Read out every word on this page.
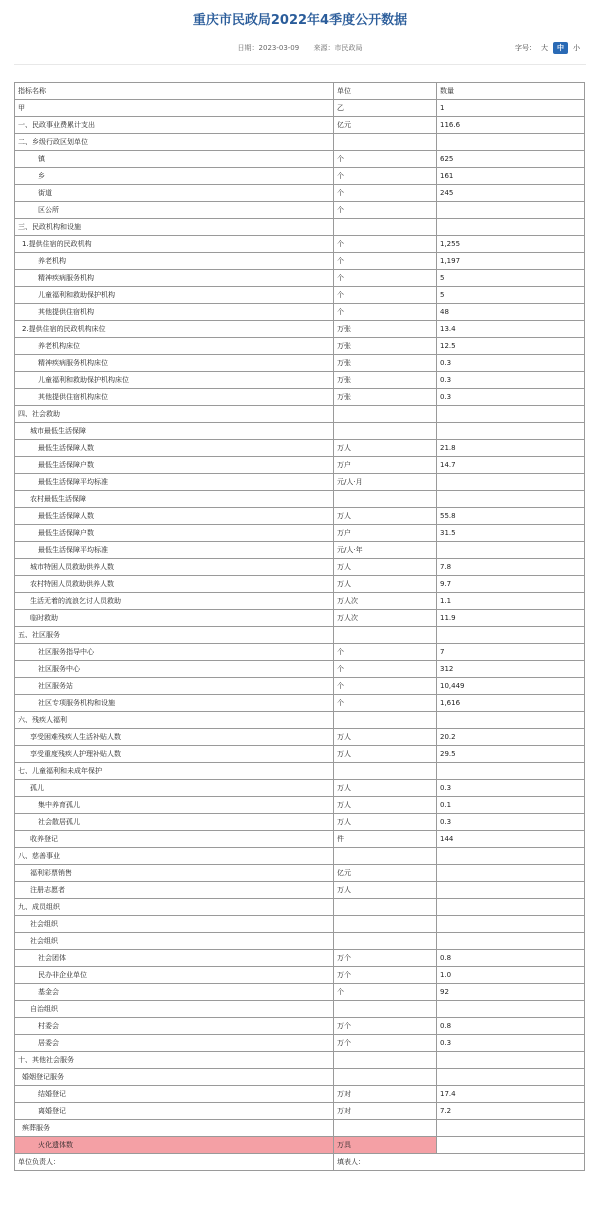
重庆市民政局2022年4季度公开数据
日期：2023-03-09 来源：市民政局	字号： 大	中	小
指标名称	单位	数量
甲	乙	1
一、民政事业费累计支出	亿元	116.6
二、乡级行政区划单位		
镇	个	625
乡	个	161
街道	个	245
区公所	个	
三、民政机构和设施		
1.提供住宿的民政机构	个	1,255
养老机构	个	1,197
精神疾病服务机构	个	5
儿童福利和救助保护机构	个	5
其他提供住宿机构	个	48
2.提供住宿的民政机构床位	万张	13.4
养老机构床位	万张	12.5
精神疾病服务机构床位	万张	0.3
儿童福利和救助保护机构床位	万张	0.3
其他提供住宿机构床位	万张	0.3
四、社会救助		
城市最低生活保障		
最低生活保障人数	万人	21.8
最低生活保障户数	万户	14.7
最低生活保障平均标准	元/人·月	
农村最低生活保障		
最低生活保障人数	万人	55.8
最低生活保障户数	万户	31.5
最低生活保障平均标准	元/人·年	
城市特困人员救助供养人数	万人	7.8
农村特困人员救助供养人数	万人	9.7
生活无着的流浪乞讨人员救助	万人次	1.1
临时救助	万人次	11.9
五、社区服务		
社区服务指导中心	个	7
社区服务中心	个	312
社区服务站	个	10,449
社区专项服务机构和设施	个	1,616
六、残疾人福利		
享受困难残疾人生活补贴人数	万人	20.2
享受重度残疾人护理补贴人数	万人	29.5
七、儿童福利和未成年保护		
孤儿	万人	0.3
集中养育孤儿	万人	0.1
社会散居孤儿	万人	0.3
收养登记	件	144
八、慈善事业		
福利彩票销售	亿元	
注册志愿者	万人	
九、成员组织		
社会组织		
社会组织		
社会团体	万个	0.8
民办非企业单位	万个	1.0
基金会	个	92
自治组织		
村委会	万个	0.8
居委会	万个	0.3
十、其他社会服务		
婚姻登记服务		
结婚登记	万对	17.4
离婚登记	万对	7.2
殡葬服务		
火化遗体数	万具	
单位负责人：	填表人：	
